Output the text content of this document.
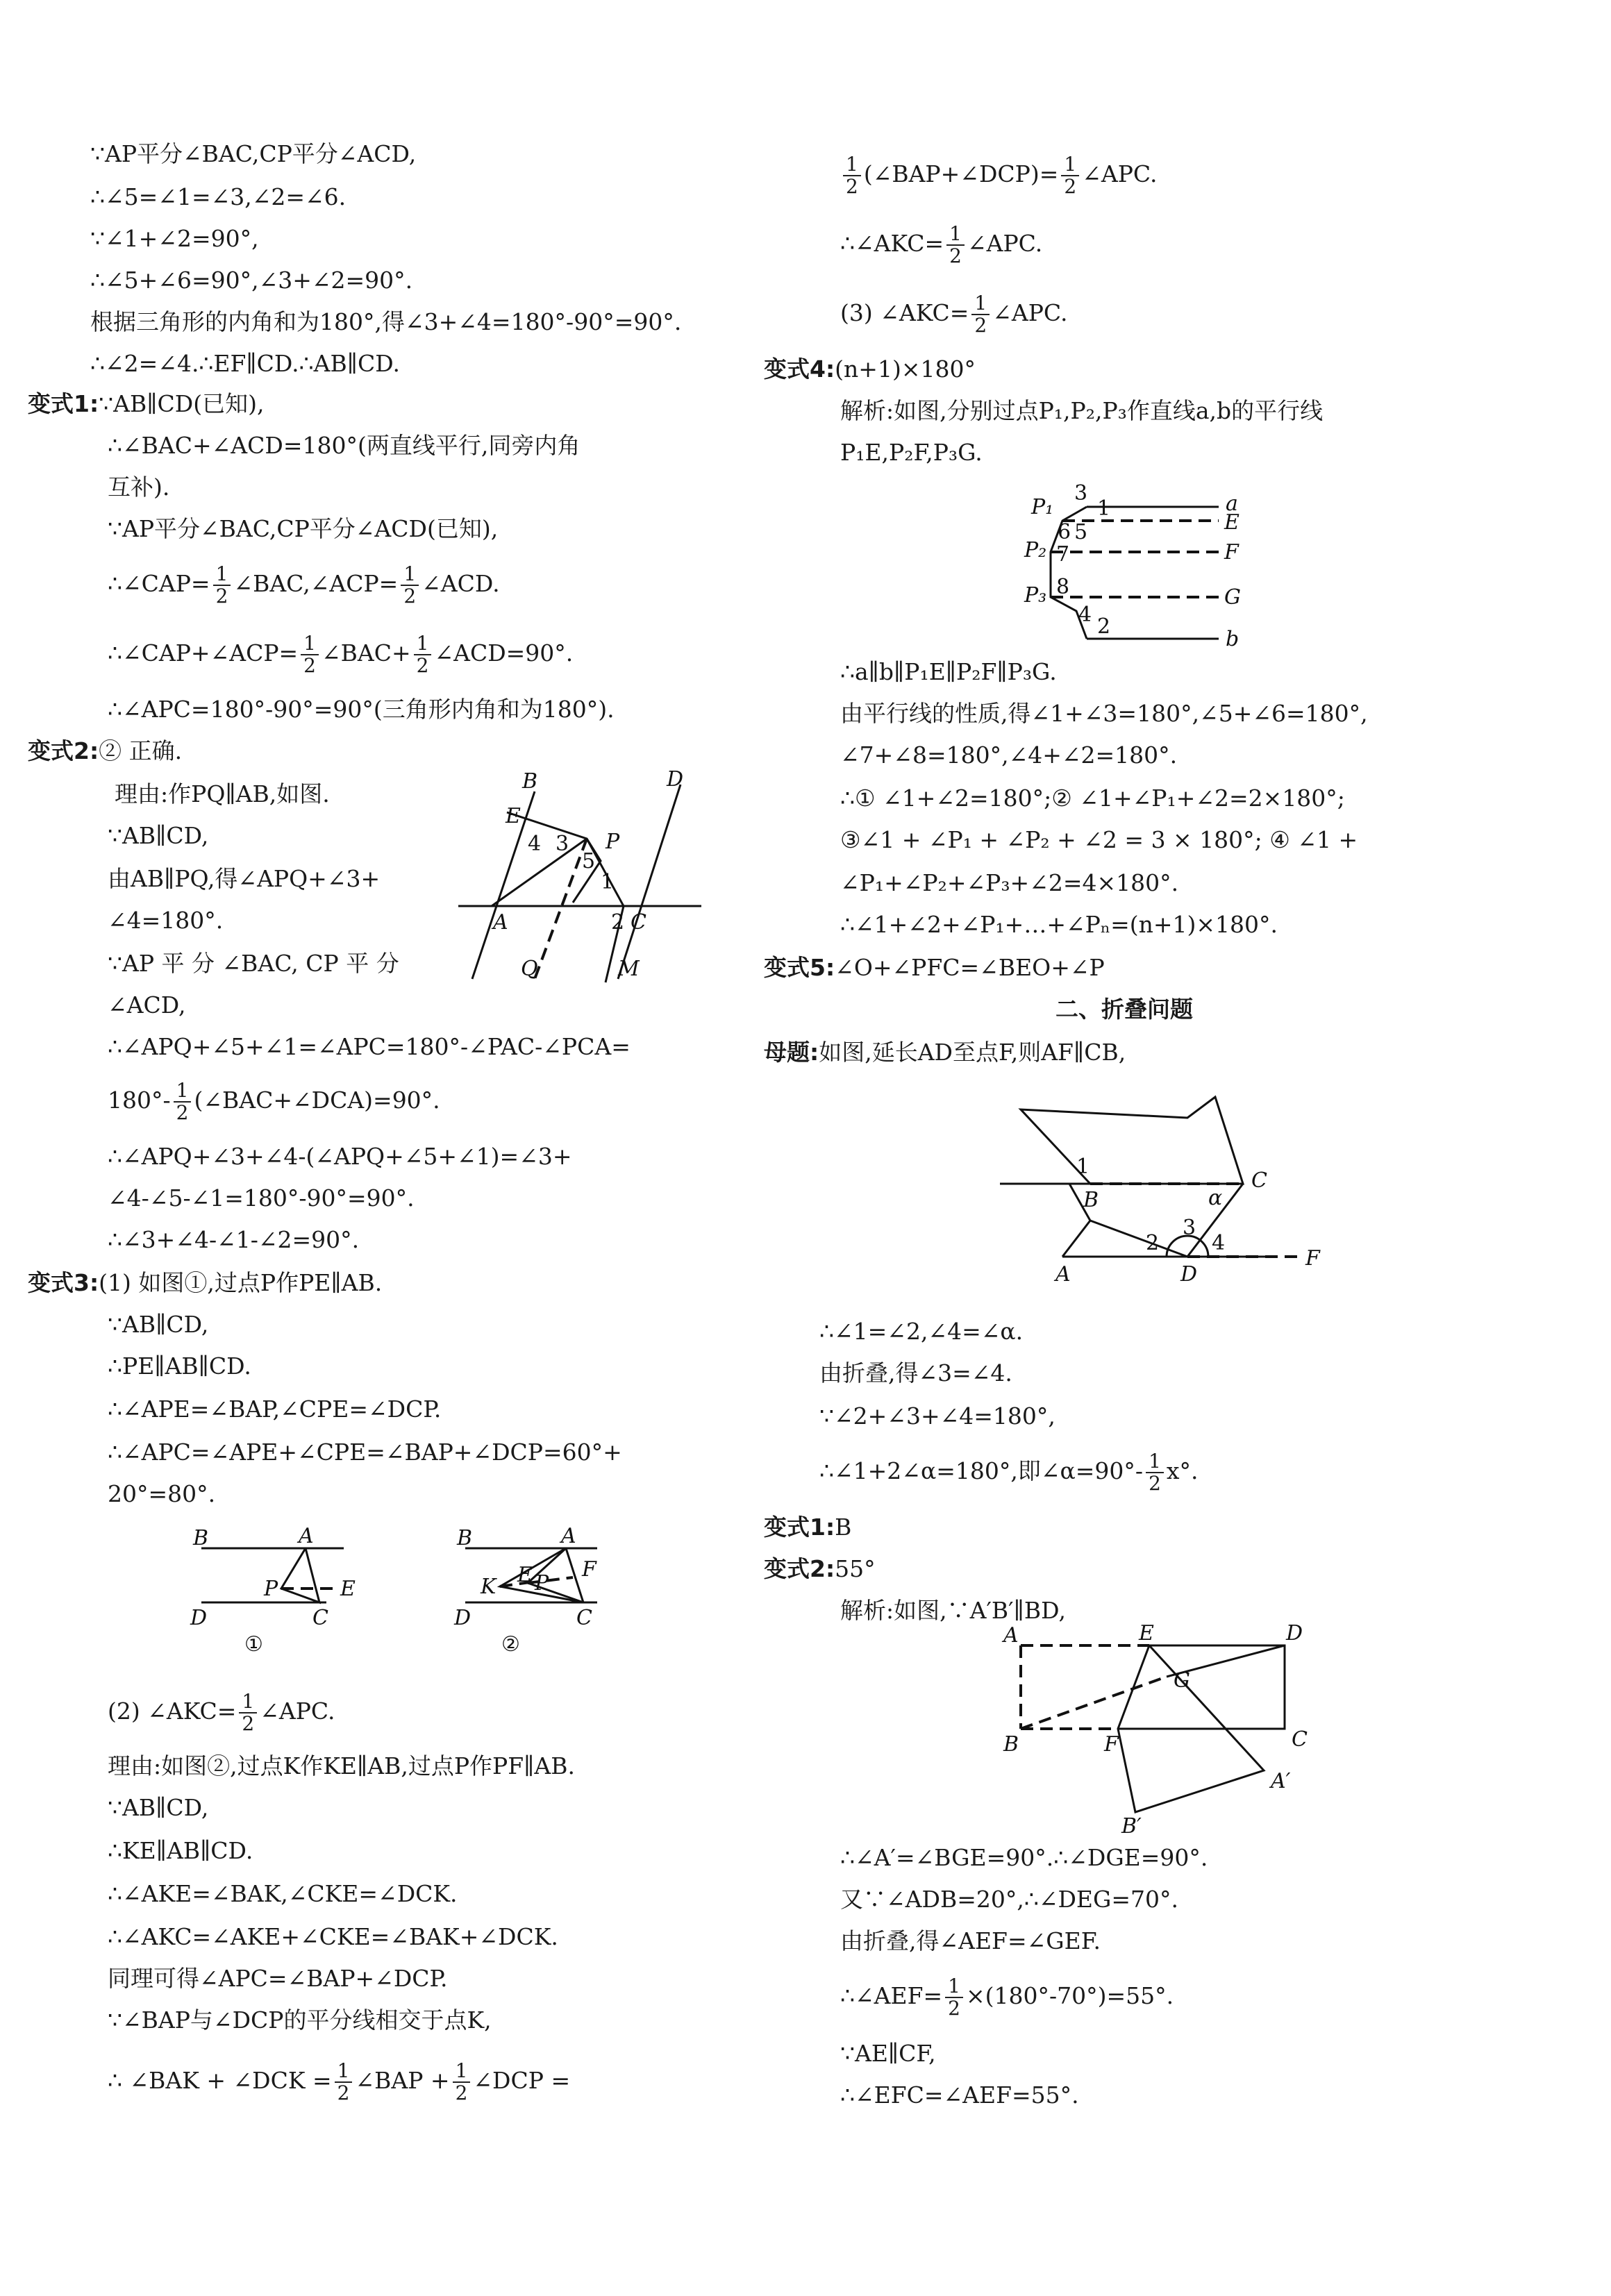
∵AP平分∠BAC,CP平分∠ACD,
∴∠5=∠1=∠3,∠2=∠6.
∵∠1+∠2=90°,
∴∠5+∠6=90°,∠3+∠2=90°.
根据三角形的内角和为180°,得∠3+∠4=180°-90°=90°.
∴∠2=∠4.∴EF∥CD.∴AB∥CD.
变式1:∵AB∥CD(已知),
∴∠BAC+∠ACD=180°(两直线平行,同旁内角
互补).
∵AP平分∠BAC,CP平分∠ACD(已知),
∴∠CAP= $\frac{1}{2}$ ∠BAC,∠ACP= $\frac{1}{2}$ ∠ACD.
∴∠CAP+∠ACP= $\frac{1}{2}$ ∠BAC+ $\frac{1}{2}$ ∠ACD=90°.
∴∠APC=180°-90°=90°(三角形内角和为180°).
变式2:② 正确.
理由:作PQ∥AB,如图.
∵AB∥CD,
由AB∥PQ,得∠APQ+∠3+
∠4=180°.
∵AP 平 分 ∠BAC, CP 平 分
∠ACD,
B	D
E
P
A	C
Q	M
4 3
5
1
2
∴∠APQ+∠5+∠1=∠APC=180°-∠PAC-∠PCA=
$180^\circ- \frac{1}{2}$ (∠BAC+∠DCA)=90°.
∴∠APQ+∠3+∠4-(∠APQ+∠5+∠1)=∠3+
∠4-∠5-∠1=180°-90°=90°.
∴∠3+∠4-∠1-∠2=90°.
变式3:(1) 如图①,过点P作PE∥AB.
∵AB∥CD,
∴PE∥AB∥CD.
∴∠APE=∠BAP,∠CPE=∠DCP.
∴∠APC=∠APE+∠CPE=∠BAP+∠DCP=60°+
20°=80°.
B	A
P	E
D	C
①
B	A
K E P
F
D	C
②
(2) ∠AKC= $\frac{1}{2}$ ∠APC.
理由:如图②,过点K作KE∥AB,过点P作PF∥AB.
∵AB∥CD,
∴KE∥AB∥CD.
∴∠AKE=∠BAK,∠CKE=∠DCK.
∴∠AKC=∠AKE+∠CKE=∠BAK+∠DCK.
同理可得∠APC=∠BAP+∠DCP.
∵∠BAP与∠DCP的平分线相交于点K,
∴ ∠BAK + ∠DCK = $\frac{1}{2}$ ∠BAP + $\frac{1}{2}$ ∠DCP =
$\frac{1}{2}$ (∠BAP+∠DCP)= $\frac{1}{2}$ ∠APC.
∴∠AKC= $\frac{1}{2}$ ∠APC.
(3) ∠AKC= $\frac{1}{2}$ ∠APC.
变式4:(n+1)×180°
解析:如图,分别过点P₁,P₂,P₃作直线a,b的平行线
P₁E,P₂F,P₃G.
a
E
F
G
b
P₁
P₂
P₃
3
1
6 5
7
8
4 2
∴a∥b∥P₁E∥P₂F∥P₃G.
由平行线的性质,得∠1+∠3=180°,∠5+∠6=180°,
∠7+∠8=180°,∠4+∠2=180°.
∴① ∠1+∠2=180°;② ∠1+∠P₁+∠2=2×180°;
③∠1 + ∠P₁ + ∠P₂ + ∠2 = 3 × 180°; ④ ∠1 +
∠P₁+∠P₂+∠P₃+∠2=4×180°.
∴∠1+∠2+∠P₁+…+∠Pₙ=(n+1)×180°.
变式5:∠O+∠PFC=∠BEO+∠P
二、折叠问题
母题:如图,延长AD至点F,则AF∥CB,
1
B	α
C
2
3
4
A	D
F
∴∠1=∠2,∠4=∠α.
由折叠,得∠3=∠4.
∵∠2+∠3+∠4=180°,
∴∠1+2∠α=180°,即∠α=90°- $\frac{1}{2} x^\circ$.
变式1:B
变式2:55°
解析:如图,∵A′B′∥BD,
A	E	D
G
B	F	C
A′
B′
∴∠A′=∠BGE=90°.∴∠DGE=90°.
又∵∠ADB=20°,∴∠DEG=70°.
由折叠,得∠AEF=∠GEF.
∴∠AEF= $\frac{1}{2} \times(180^\circ-70^\circ)=55^\circ$.
∵AE∥CF,
∴∠EFC=∠AEF=55°.
